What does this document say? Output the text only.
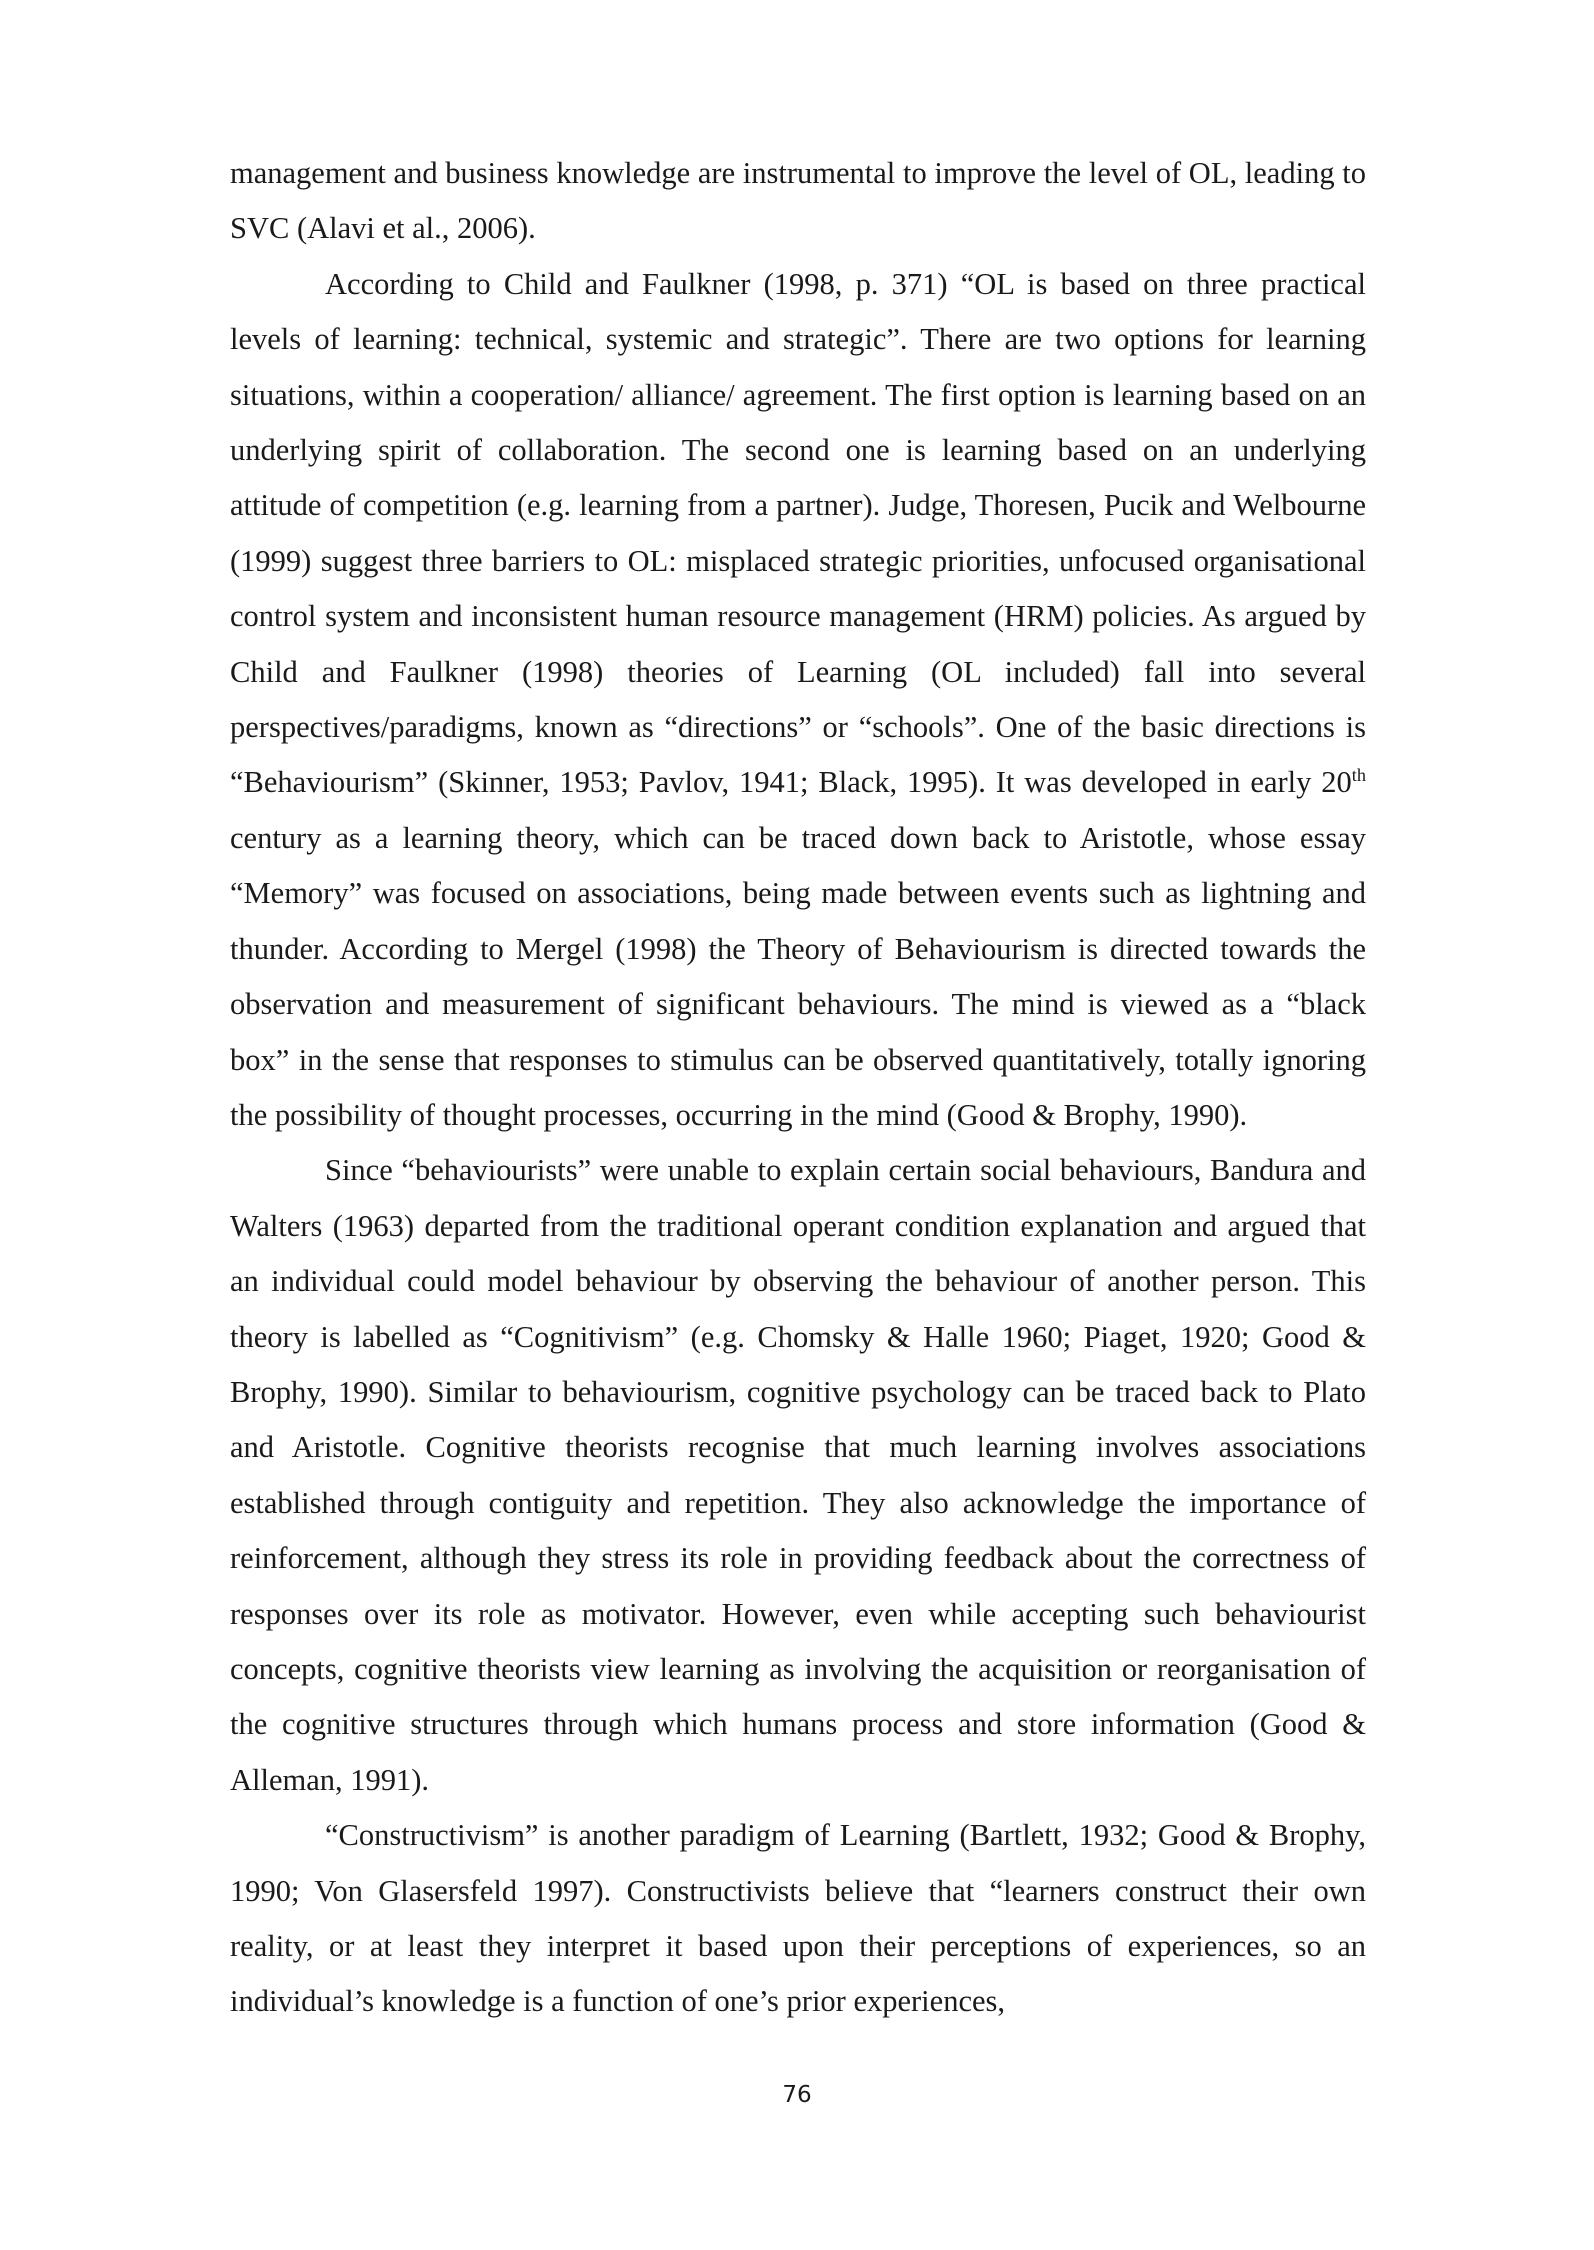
management and business knowledge are instrumental to improve the level of OL, leading to SVC (Alavi et al., 2006).

According to Child and Faulkner (1998, p. 371) “OL is based on three practical levels of learning: technical, systemic and strategic”. There are two options for learning situations, within a cooperation/ alliance/ agreement. The first option is learning based on an underlying spirit of collaboration. The second one is learning based on an underlying attitude of competition (e.g. learning from a partner). Judge, Thoresen, Pucik and Welbourne (1999) suggest three barriers to OL: misplaced strategic priorities, unfocused organisational control system and inconsistent human resource management (HRM) policies. As argued by Child and Faulkner (1998) theories of Learning (OL included) fall into several perspectives/paradigms, known as “directions” or “schools”. One of the basic directions is “Behaviourism” (Skinner, 1953; Pavlov, 1941; Black, 1995). It was developed in early 20th century as a learning theory, which can be traced down back to Aristotle, whose essay “Memory” was focused on associations, being made between events such as lightning and thunder. According to Mergel (1998) the Theory of Behaviourism is directed towards the observation and measurement of significant behaviours. The mind is viewed as a “black box” in the sense that responses to stimulus can be observed quantitatively, totally ignoring the possibility of thought processes, occurring in the mind (Good & Brophy, 1990).

Since “behaviourists” were unable to explain certain social behaviours, Bandura and Walters (1963) departed from the traditional operant condition explanation and argued that an individual could model behaviour by observing the behaviour of another person. This theory is labelled as “Cognitivism” (e.g. Chomsky & Halle 1960; Piaget, 1920; Good & Brophy, 1990). Similar to behaviourism, cognitive psychology can be traced back to Plato and Aristotle. Cognitive theorists recognise that much learning involves associations established through contiguity and repetition. They also acknowledge the importance of reinforcement, although they stress its role in providing feedback about the correctness of responses over its role as motivator. However, even while accepting such behaviourist concepts, cognitive theorists view learning as involving the acquisition or reorganisation of the cognitive structures through which humans process and store information (Good & Alleman, 1991).

“Constructivism” is another paradigm of Learning (Bartlett, 1932; Good & Brophy, 1990; Von Glasersfeld 1997). Constructivists believe that “learners construct their own reality, or at least they interpret it based upon their perceptions of experiences, so an individual’s knowledge is a function of one’s prior experiences,

76
